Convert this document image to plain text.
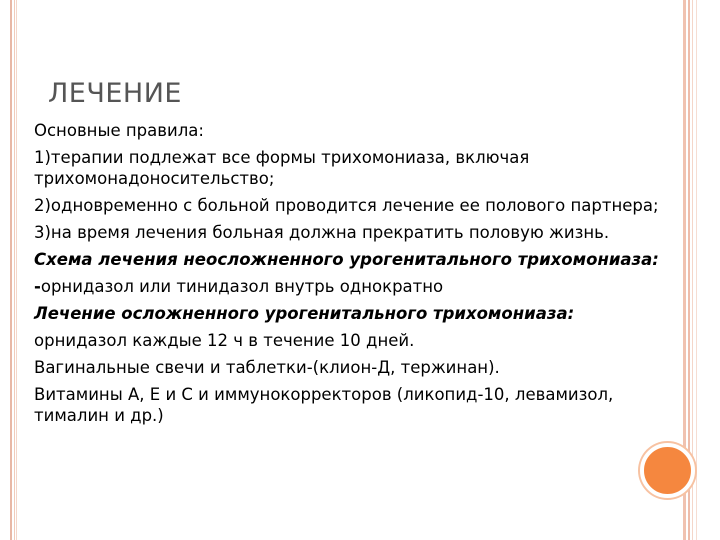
ЛЕЧЕНИЕ

Основные правила:

1)терапии подлежат все формы трихомониаза, включая трихомонадоносительство;

2)одновременно с больной проводится лечение ее полового партнера;

3)на время лечения больная должна прекратить половую жизнь.

Схема лечения неосложненного урогенитального трихомониаза:

-орнидазол или тинидазол внутрь однократно

Лечение осложненного урогенитального трихомониаза:

орнидазол каждые 12 ч в течение 10 дней.

Вагинальные свечи и таблетки-(клион-Д, тержинан).

Витамины А, Е и С и иммунокорректоров (ликопид-10, левамизол, тималин и др.)
